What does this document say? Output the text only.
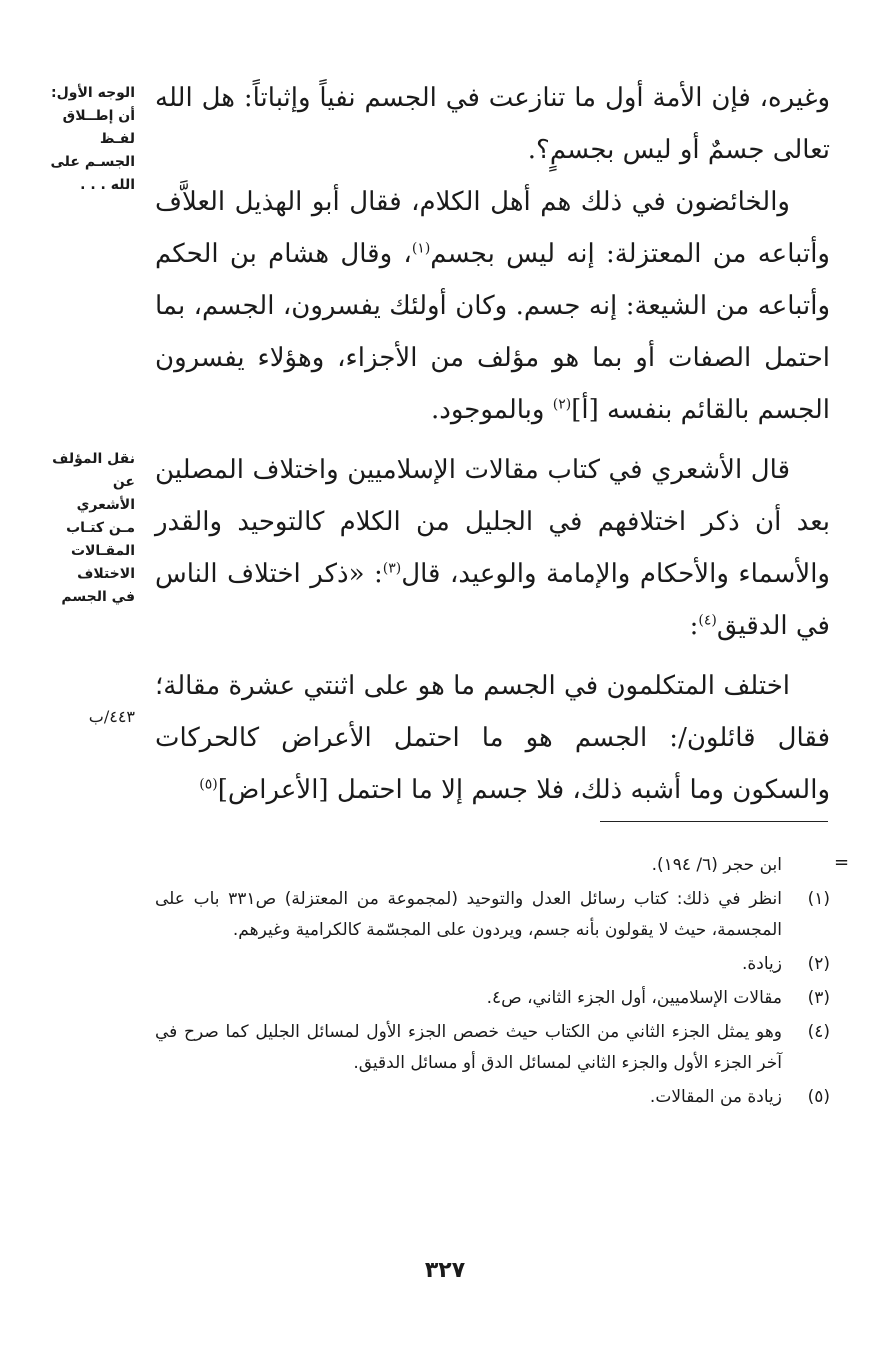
وغيره، فإن الأمة أول ما تنازعت في الجسم نفياً وإثباتاً: هل الله تعالى جسمٌ أو ليس بجسمٍ؟.

والخائضون في ذلك هم أهل الكلام، فقال أبو الهذيل العلاَّف وأتباعه من المعتزلة: إنه ليس بجسم$^{(١)}$، وقال هشام بن الحكم وأتباعه من الشيعة: إنه جسم. وكان أولئك يفسرون، الجسم، بما احتمل الصفات أو بما هو مؤلف من الأجزاء، وهؤلاء يفسرون الجسم بالقائم بنفسه [أ]$^{(٢)}$ وبالموجود.

قال الأشعري في كتاب مقالات الإسلاميين واختلاف المصلين بعد أن ذكر اختلافهم في الجليل من الكلام كالتوحيد والقدر والأسماء والأحكام والإمامة والوعيد، قال$^{(٣)}$: «ذكر اختلاف الناس في الدقيق$^{(٤)}$:

اختلف المتكلمون في الجسم ما هو على اثنتي عشرة مقالة؛ فقال قائلون/: الجسم هو ما احتمل الأعراض كالحركات والسكون وما أشبه ذلك، فلا جسم إلا ما احتمل [الأعراض]$^{(٥)}$

الوجه الأول: أن إطــلاق لفـظ الجسـم على الله . . .
نقل المؤلف عن الأشعري مـن كتـاب المقـالات الاختلاف في الجسم
٤٤٣/ب
=
ابن حجر (٦/ ١٩٤).
(١)
انظر في ذلك: كتاب رسائل العدل والتوحيد (لمجموعة من المعتزلة) ص٣٣١ باب على المجسمة، حيث لا يقولون بأنه جسم، ويردون على المجسّمة كالكرامية وغيرهم.
(٢)
زيادة.
(٣)
مقالات الإسلاميين، أول الجزء الثاني، ص٤.
(٤)
وهو يمثل الجزء الثاني من الكتاب حيث خصص الجزء الأول لمسائل الجليل كما صرح في آخر الجزء الأول والجزء الثاني لمسائل الدق أو مسائل الدقيق.
(٥)
زيادة من المقالات.
٣٢٧
